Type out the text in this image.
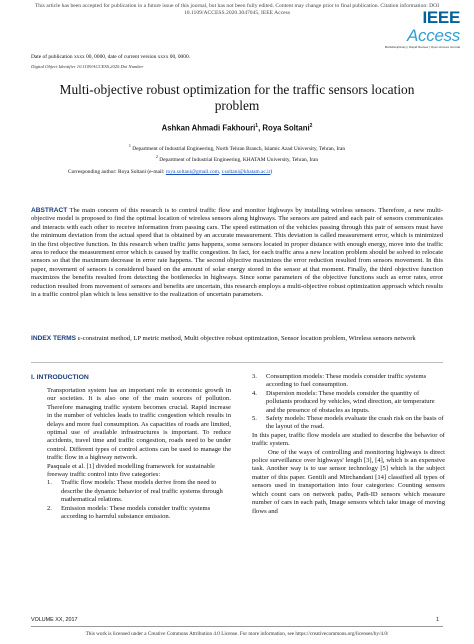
This article has been accepted for publication in a future issue of this journal, but has not been fully edited. Content may change prior to final publication. Citation information: DOI
10.1109/ACCESS.2020.3047045, IEEE Access	IEEE Access
Multidisciplinary | Rapid Review | Open Access Journal
Date of publication xxxx 00, 0000, date of current version xxxx 00, 0000.
Digital Object Identifier 10.1109/ACCESS.2020.Doi Number
Multi-objective robust optimization for the traffic sensors location problem
Ashkan Ahmadi Fakhouri$^1$, Roya Soltani$^2$
$^1$ Department of Industrial Engineering, North Tehran Branch, Islamic Azad University, Tehran, Iran
$^2$ Department of Industrial Engineering, KHATAM University, Tehran, Iran
Corresponding author: Roya Soltani (e-mail: roya.soltani@gmail.com, r.soltani@khatam.ac.ir)
ABSTRACT The main concern of this research is to control traffic flow and monitor highways by installing wireless sensors. Therefore, a new multi-objective model is proposed to find the optimal location of wireless sensors along highways. The sensors are paired and each pair of sensors communicates and interacts with each other to receive information from passing cars. The speed estimation of the vehicles passing through this pair of sensors must have the minimum deviation from the actual speed that is obtained by an accurate measurement. This deviation is called measurement error, which is minimized in the first objective function. In this research when traffic jams happens, some sensors located in proper distance with enough energy, move into the traffic area to reduce the measurement error which is caused by traffic congestion. In fact, for each traffic area a new location problem should be solved to relocate sensors so that the maximum decrease in error rate happens. The second objective maximizes the error reduction resulted from sensors movement. In this paper, movement of sensors is considered based on the amount of solar energy stored in the sensor at that moment. Finally, the third objective function maximizes the benefits resulted from detecting the bottlenecks in highways. Since some parameters of the objective functions such as error rates, error reduction resulted from movement of sensors and benefits are uncertain, this research employs a multi-objective robust optimization approach which results in a traffic control plan which is less sensitive to the realization of uncertain parameters.
INDEX TERMS ε-constraint method, LP metric method, Multi objective robust optimization, Sensor location problem, Wireless sensors network
I. INTRODUCTION
Transportation system has an important role in economic growth in our societies. It is also one of the main sources of pollution. Therefore managing traffic system becomes crucial. Rapid increase in the number of vehicles leads to traffic congestion which results in delays and more fuel consumption. As capacities of roads are limited, optimal use of available infrastructures is important. To reduce accidents, travel time and traffic congestion, roads need to be under control. Different types of control actions can be used to manage the traffic flow in a highway network.
Pasquale et al. [1] divided modelling framework for sustainable freeway traffic control into five categories:
1. Traffic flow models: These models derive from the need to describe the dynamic behavior of real traffic systems through mathematical relations.
2. Emission models: These models consider traffic systems according to harmful substance emission.
3. Consumption models: These models consider traffic systems according to fuel consumption.
4. Dispersion models: These models consider the quantity of pollutants produced by vehicles, wind direction, air temperature and the presence of obstacles as inputs.
5. Safety models: These models evaluate the crash risk on the basis of the layout of the road.
In this paper, traffic flow models are studied to describe the behavior of traffic system.
One of the ways of controlling and monitoring highways is direct police surveillance over highways' length [3], [4], which is an expensive task. Another way is to use sensor technology [5] which is the subject matter of this paper. Gentili and Mirchandani [14] classified all types of sensors used in transportation into four categories: Counting sensors which count cars on network paths, Path-ID sensors which measure number of cars in each path, Image sensors which take image of moving flows and
VOLUME XX, 2017	1
This work is licensed under a Creative Commons Attribution 4.0 License. For more information, see https://creativecommons.org/licenses/by/4.0/
